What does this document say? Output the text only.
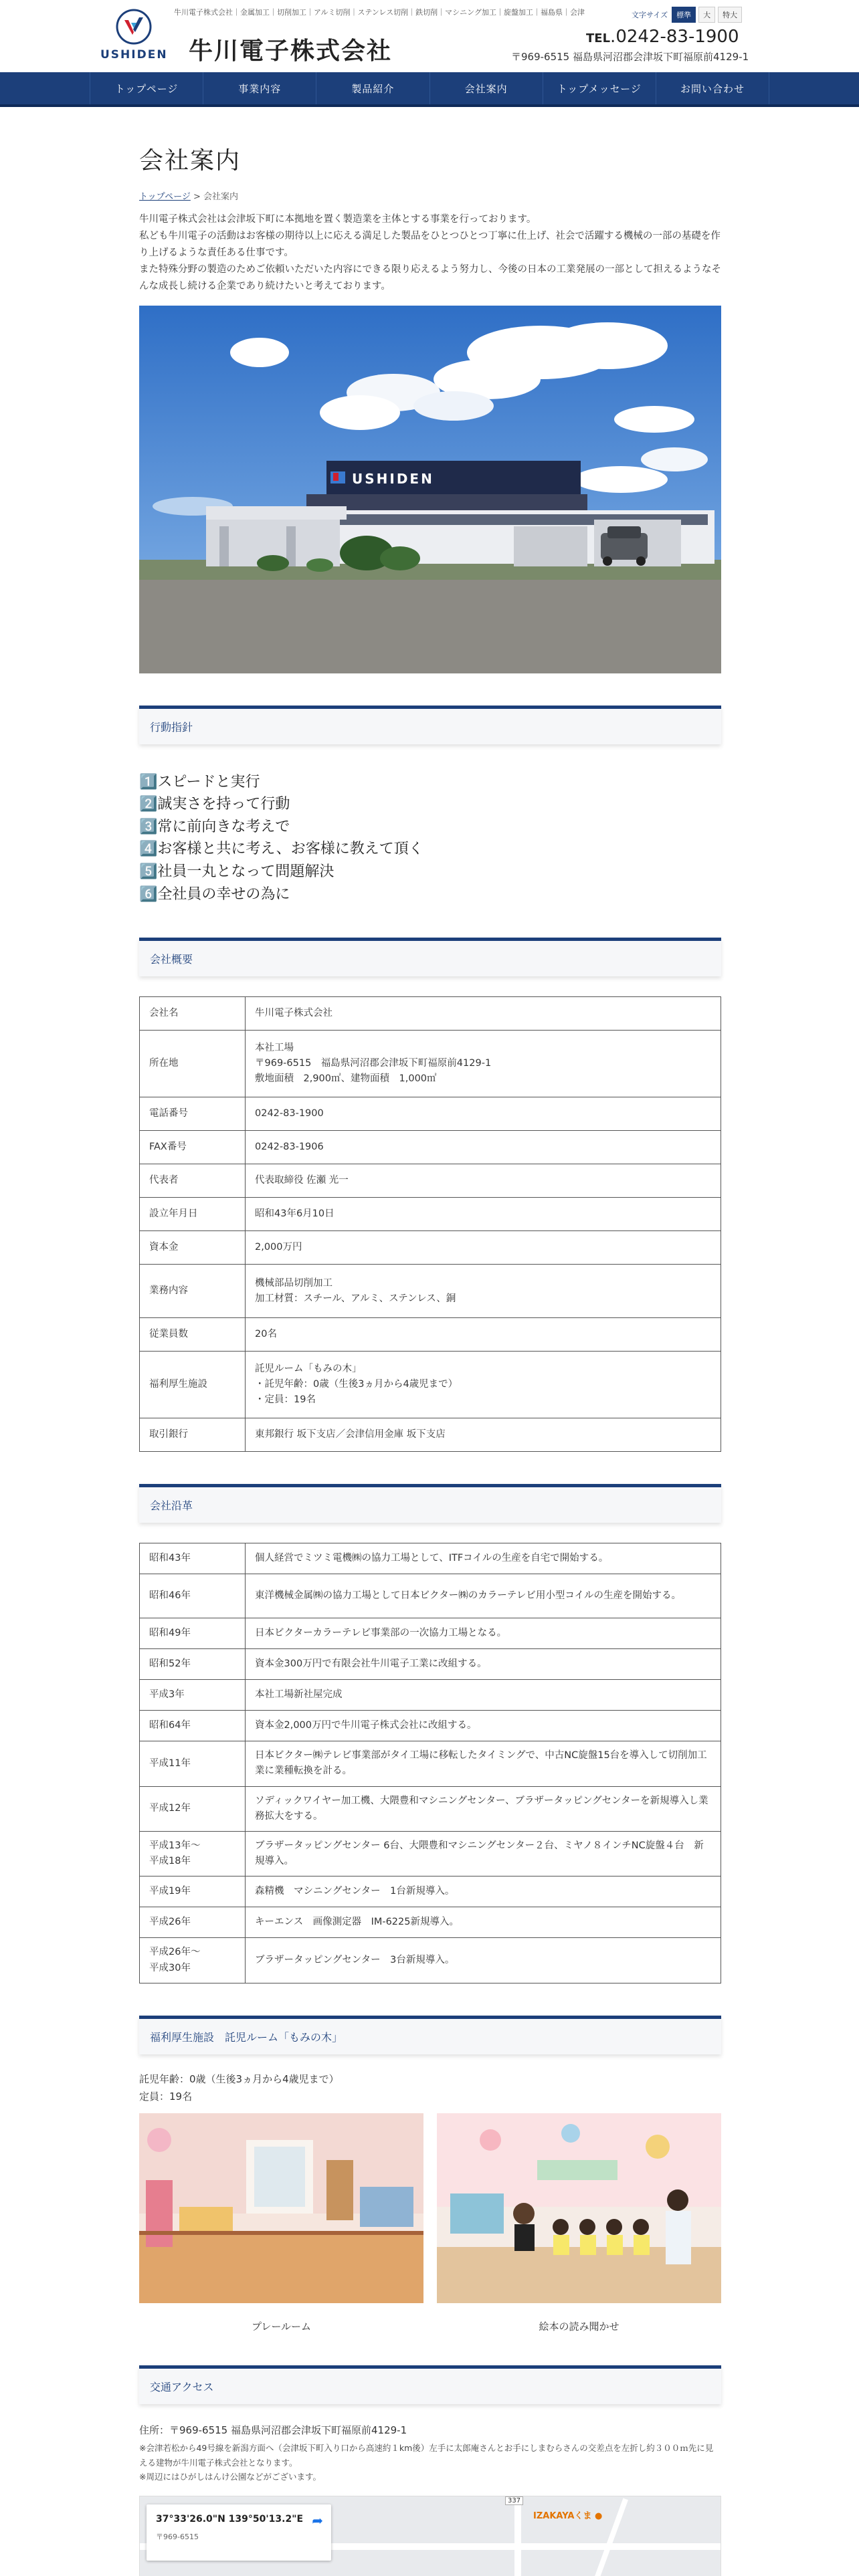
USHIDEN
牛川電子株式会社｜金属加工｜切削加工｜アルミ切削｜ステンレス切削｜鉄切削｜マシニング加工｜旋盤加工｜福島県｜会津
牛川電子株式会社
文字サイズ	標準	大	特大
TEL.0242-83-1900
〒969-6515 福島県河沼郡会津坂下町福原前4129-1
トップページ	事業内容	製品紹介	会社案内	トップメッセージ	お問い合わせ
会社案内
トップページ > 会社案内
牛川電子株式会社は会津坂下町に本拠地を置く製造業を主体とする事業を行っております。
私ども牛川電子の活動はお客様の期待以上に応える満足した製品をひとつひとつ丁寧に仕上げ、社会で活躍する機械の一部の基礎を作り上げるような責任ある仕事です。
また特殊分野の製造のためご依頼いただいた内容にできる限り応えるよう努力し、今後の日本の工業発展の一部として担えるようなそんな成長し続ける企業であり続けたいと考えております。
USHIDEN
行動指針
1️⃣スピードと実行
2️⃣誠実さを持って行動
3️⃣常に前向きな考えで
4️⃣お客様と共に考え、お客様に教えて頂く
5️⃣社員一丸となって問題解決
6️⃣全社員の幸せの為に
会社概要
会社名	牛川電子株式会社
所在地	本社工場
〒969-6515　福島県河沼郡会津坂下町福原前4129-1
敷地面積　2,900㎡、建物面積　1,000㎡
電話番号	0242-83-1900
FAX番号	0242-83-1906
代表者	代表取締役 佐瀬 光一
設立年月日	昭和43年6月10日
資本金	2,000万円
業務内容	機械部品切削加工
加工材質：スチール、アルミ、ステンレス、銅
従業員数	20名
福利厚生施設	託児ルーム「もみの木」
・託児年齢：0歳（生後3ヵ月から4歳児まで）
・定員：19名
取引銀行	東邦銀行 坂下支店／会津信用金庫 坂下支店
会社沿革
昭和43年	個人経営でミツミ電機㈱の協力工場として、ITFコイルの生産を自宅で開始する。
昭和46年	東洋機械金属㈱の協力工場として日本ビクター㈱のカラーテレビ用小型コイルの生産を開始する。
昭和49年	日本ビクターカラーテレビ事業部の一次協力工場となる。
昭和52年	資本金300万円で有限会社牛川電子工業に改組する。
平成3年	本社工場新社屋完成
昭和64年	資本金2,000万円で牛川電子株式会社に改組する。
平成11年	日本ビクター㈱テレビ事業部がタイ工場に移転したタイミングで、中古NC旋盤15台を導入して切削加工業に業種転換を計る。
平成12年	ソディックワイヤー加工機、大隈豊和マシニングセンター、ブラザータッピングセンターを新規導入し業務拡大をする。
平成13年～
平成18年	ブラザータッピングセンター 6台、大隈豊和マシニングセンター２台、ミヤノ８インチNC旋盤４台　新規導入。
平成19年	森精機　マシニングセンター　1台新規導入。
平成26年	キーエンス　画像測定器　IM-6225新規導入。
平成26年～
平成30年	ブラザータッピングセンター　3台新規導入。
福利厚生施設　託児ルーム「もみの木」
託児年齢：0歳（生後3ヵ月から4歳児まで）
定員：19名
プレールーム	絵本の読み聞かせ
交通アクセス
住所：〒969-6515 福島県河沼郡会津坂下町福原前4129-1
※会津若松から49号線を新潟方面へ（会津坂下町入り口から高速約１km後）左手に太郎庵さんとお手にしまむらさんの交差点を左折し約３００ｍ先に見える建物が牛川電子株式会社となります。
※周辺にはひがしはんけ公園などがございます。
337
IZAKAYAくま ●
37°33'26.0"N 139°50'13.2"E
〒969-6515
➦
